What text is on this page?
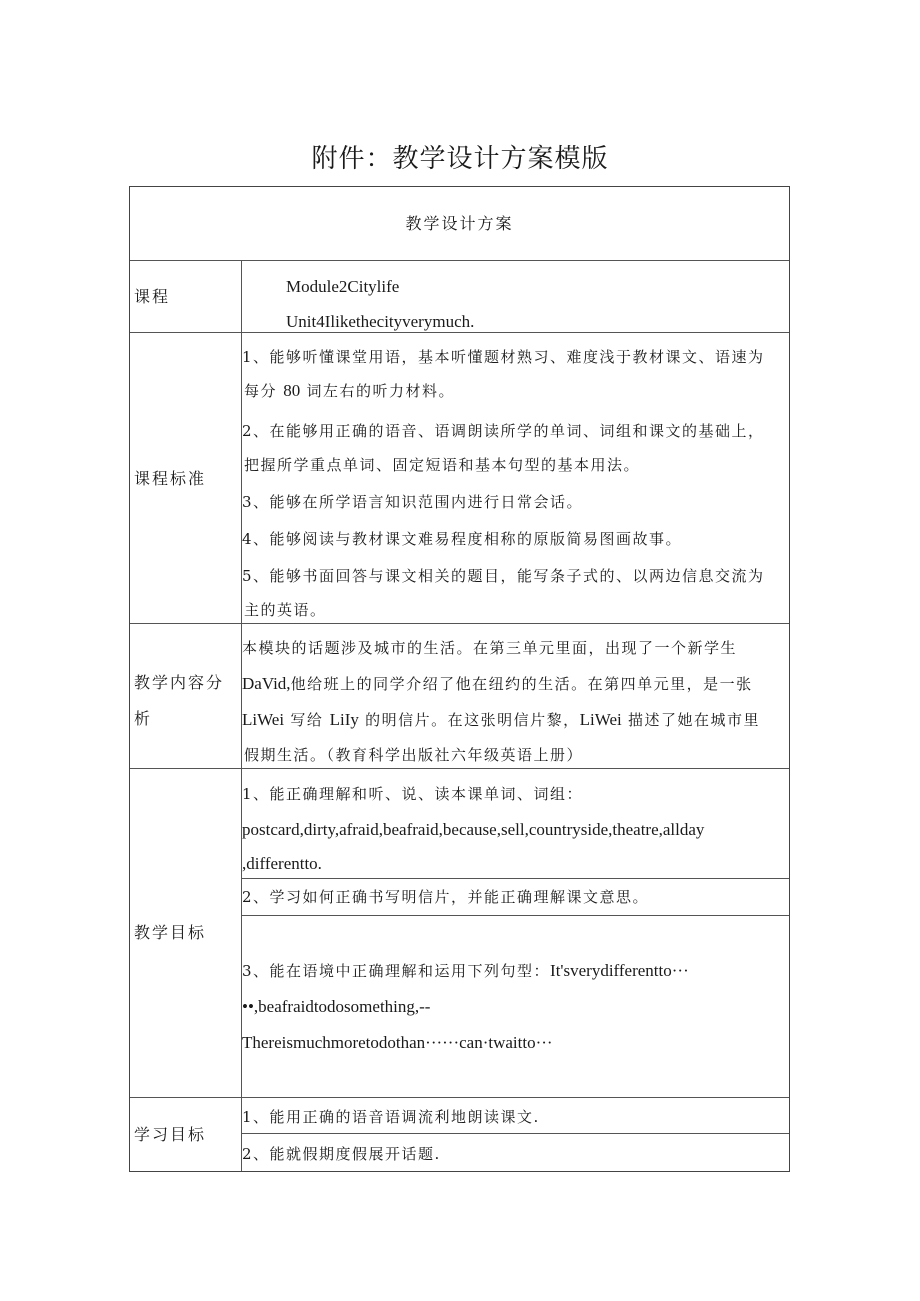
附件：教学设计方案模版
教学设计方案
课程
Module2Citylife
Unit4Ilikethecityverymuch.
课程标准
1、能够听懂课堂用语，基本听懂题材熟习、难度浅于教材课文、语速为
每分 80 词左右的听力材料。
2、在能够用正确的语音、语调朗读所学的单词、词组和课文的基础上，
把握所学重点单词、固定短语和基本句型的基本用法。
3、能够在所学语言知识范围内进行日常会话。
4、能够阅读与教材课文难易程度相称的原版简易图画故事。
5、能够书面回答与课文相关的题目，能写条子式的、以两边信息交流为
主的英语。
教学内容分
析
本模块的话题涉及城市的生活。在第三单元里面，出现了一个新学生
DaVid,他给班上的同学介绍了他在纽约的生活。在第四单元里，是一张
LiWei 写给 LiIy 的明信片。在这张明信片黎，LiWei 描述了她在城市里
假期生活。（教育科学出版社六年级英语上册）
教学目标
1、能正确理解和听、说、读本课单词、词组：
postcard,dirty,afraid,beafraid,because,sell,countryside,theatre,allday
,differentto.
2、学习如何正确书写明信片，并能正确理解课文意思。
3、能在语境中正确理解和运用下列句型：It'sverydifferentto···
••,beafraidtodosomething,--
Thereismuchmoretodothan······can·twaitto···
学习目标
1、能用正确的语音语调流利地朗读课文.
2、能就假期度假展开话题.
